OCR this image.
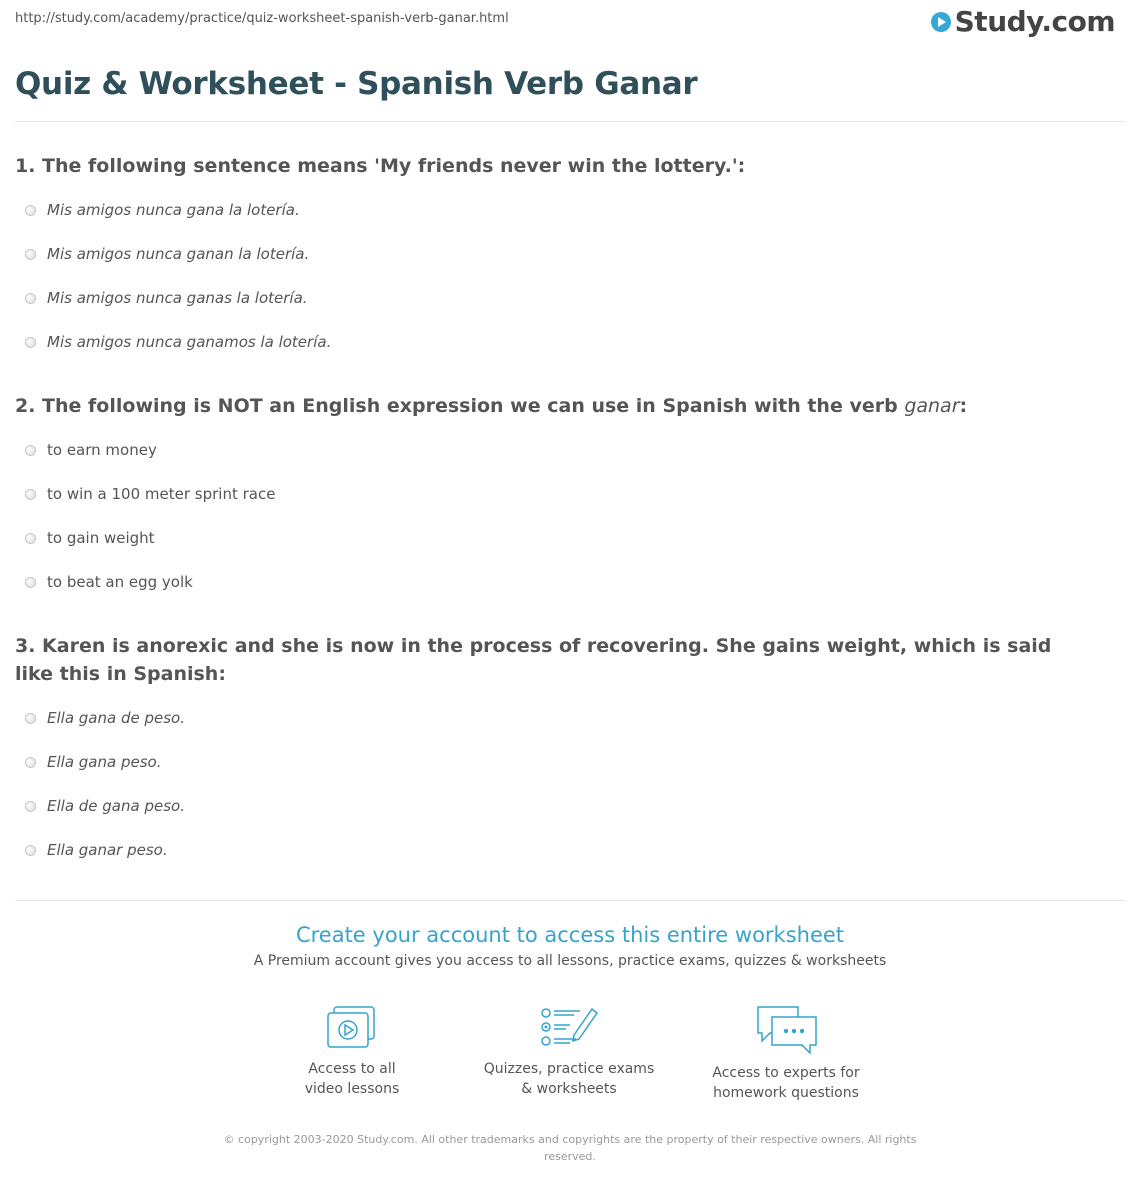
http://study.com/academy/practice/quiz-worksheet-spanish-verb-ganar.html	Study.com
Quiz & Worksheet - Spanish Verb Ganar

1. The following sentence means 'My friends never win the lottery.':

Mis amigos nunca gana la lotería.
Mis amigos nunca ganan la lotería.
Mis amigos nunca ganas la lotería.
Mis amigos nunca ganamos la lotería.

2. The following is NOT an English expression we can use in Spanish with the verb ganar:

to earn money
to win a 100 meter sprint race
to gain weight
to beat an egg yolk

3. Karen is anorexic and she is now in the process of recovering. She gains weight, which is said like this in Spanish:

Ella gana de peso.
Ella gana peso.
Ella de gana peso.
Ella ganar peso.
Create your account to access this entire worksheet
A Premium account gives you access to all lessons, practice exams, quizzes & worksheets
Access to all
video lessons
Quizzes, practice exams
& worksheets
Access to experts for
homework questions
© copyright 2003-2020 Study.com. All other trademarks and copyrights are the property of their respective owners. All rights
reserved.
